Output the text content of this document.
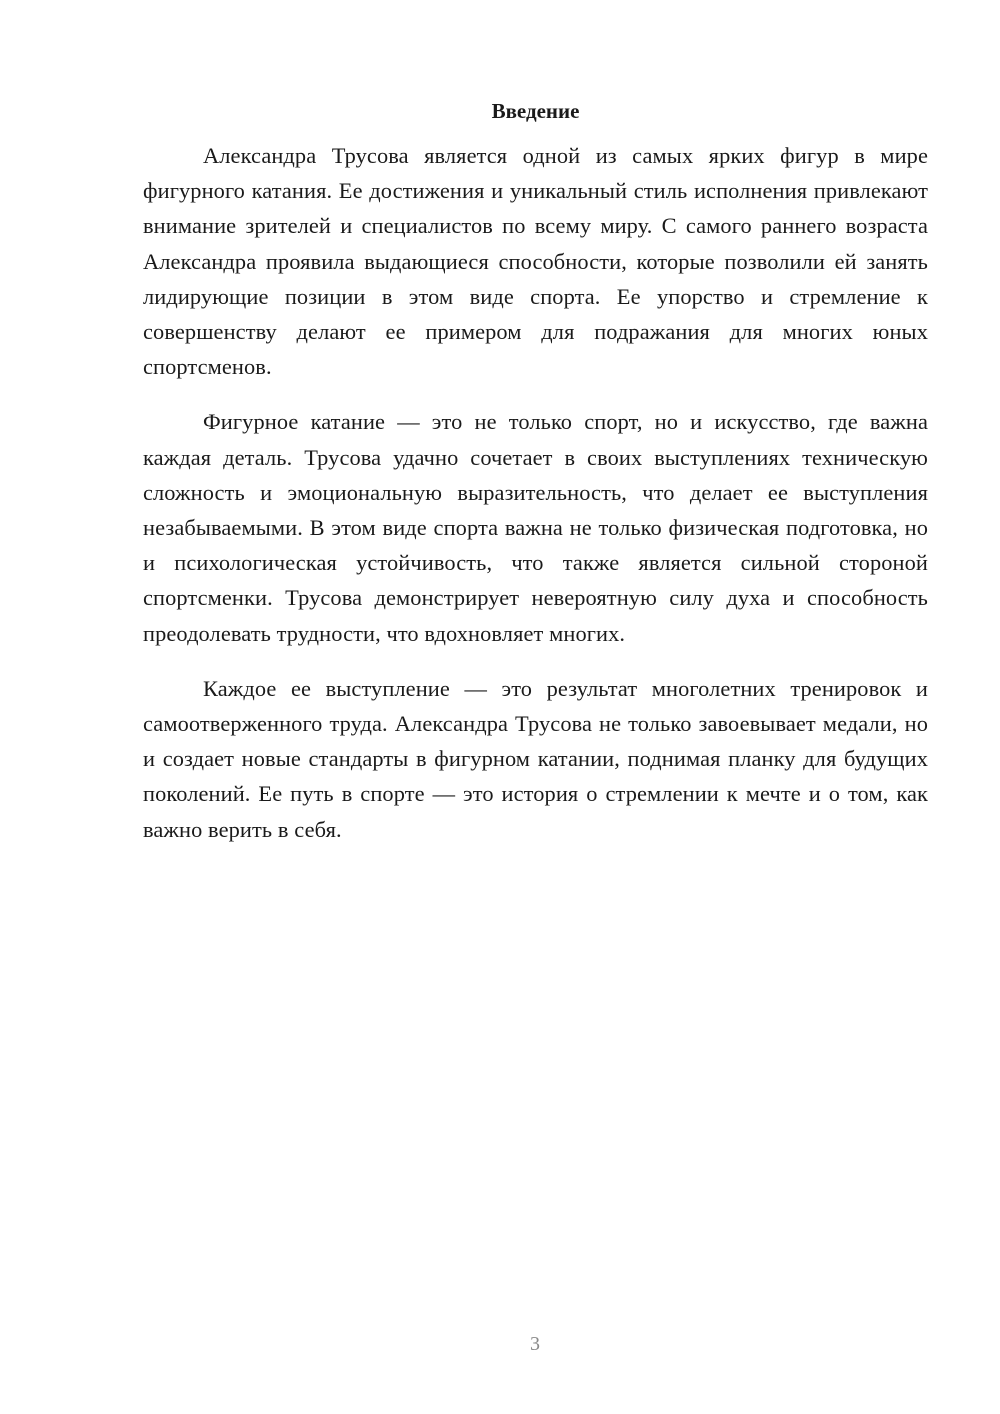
Введение

Александра Трусова является одной из самых ярких фигур в мире фигурного катания. Ее достижения и уникальный стиль исполнения привлекают внимание зрителей и специалистов по всему миру. С самого раннего возраста Александра проявила выдающиеся способности, которые позволили ей занять лидирующие позиции в этом виде спорта. Ее упорство и стремление к совершенству делают ее примером для подражания для многих юных спортсменов.

Фигурное катание — это не только спорт, но и искусство, где важна каждая деталь. Трусова удачно сочетает в своих выступлениях техническую сложность и эмоциональную выразительность, что делает ее выступления незабываемыми. В этом виде спорта важна не только физическая подготовка, но и психологическая устойчивость, что также является сильной стороной спортсменки. Трусова демонстрирует невероятную силу духа и способность преодолевать трудности, что вдохновляет многих.

Каждое ее выступление — это результат многолетних тренировок и самоотверженного труда. Александра Трусова не только завоевывает медали, но и создает новые стандарты в фигурном катании, поднимая планку для будущих поколений. Ее путь в спорте — это история о стремлении к мечте и о том, как важно верить в себя.

3
